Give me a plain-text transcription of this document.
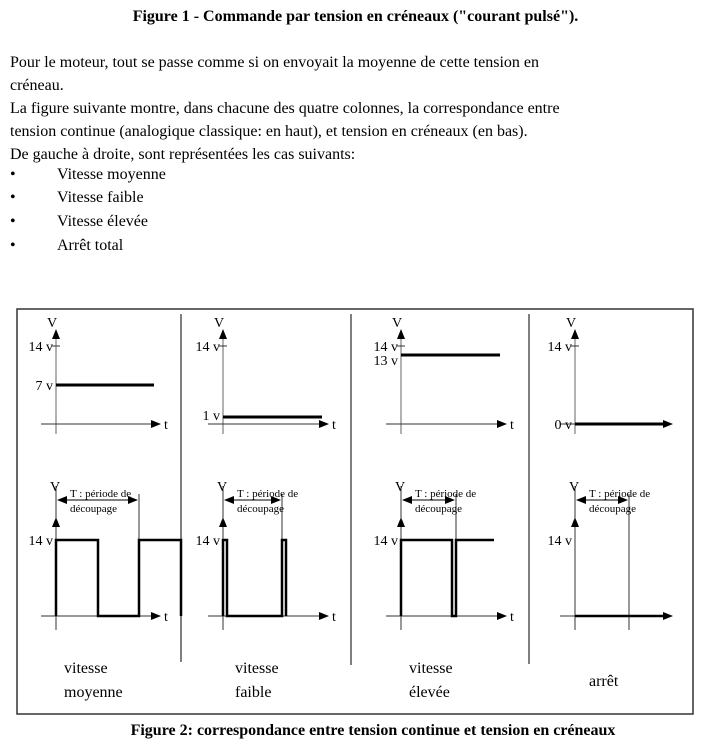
Figure 1 - Commande par tension en créneaux ("courant pulsé").
Pour le moteur, tout se passe comme si on envoyait la moyenne de cette tension en
créneau.
La figure suivante montre, dans chacune des quatre colonnes, la correspondance entre
tension continue (analogique classique: en haut), et tension en créneaux (en bas).
De gauche à droite, sont représentées les cas suivants:
•	Vitesse moyenne
•	Vitesse faible
•	Vitesse élevée
•	Arrêt total
V
t
14 v
7 v
V
t
14 v
T : période de
découpage
vitesse
moyenne
V
t
14 v
1 v
V
t
14 v
T : période de
découpage
vitesse
faible
V
t
14 v
13 v
V
t
14 v
T : période de
découpage
vitesse
élevée
V
14 v
0 v
V
14 v
T : période de
découpage
arrêt
Figure 2: correspondance entre tension continue et tension en créneaux
